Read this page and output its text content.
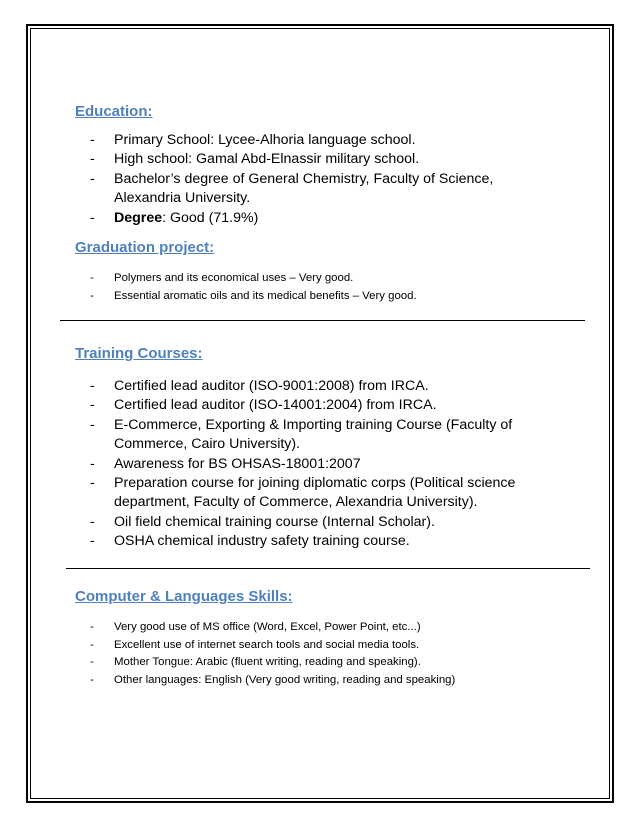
Education:
- Primary School: Lycee-Alhoria language school.
- High school: Gamal Abd-Elnassir military school.
- Bachelor’s degree of General Chemistry, Faculty of Science, Alexandria University.
- Degree: Good (71.9%)
Graduation project:
- Polymers and its economical uses – Very good.
- Essential aromatic oils and its medical benefits – Very good.
Training Courses:
- Certified lead auditor (ISO-9001:2008) from IRCA.
- Certified lead auditor (ISO-14001:2004) from IRCA.
- E-Commerce, Exporting & Importing training Course (Faculty of Commerce, Cairo University).
- Awareness for BS OHSAS-18001:2007
- Preparation course for joining diplomatic corps (Political science department, Faculty of Commerce, Alexandria University).
- Oil field chemical training course (Internal Scholar).
- OSHA chemical industry safety training course.
Computer & Languages Skills:
- Very good use of MS office (Word, Excel, Power Point, etc...)
- Excellent use of internet search tools and social media tools.
- Mother Tongue: Arabic (fluent writing, reading and speaking).
- Other languages: English (Very good writing, reading and speaking)
